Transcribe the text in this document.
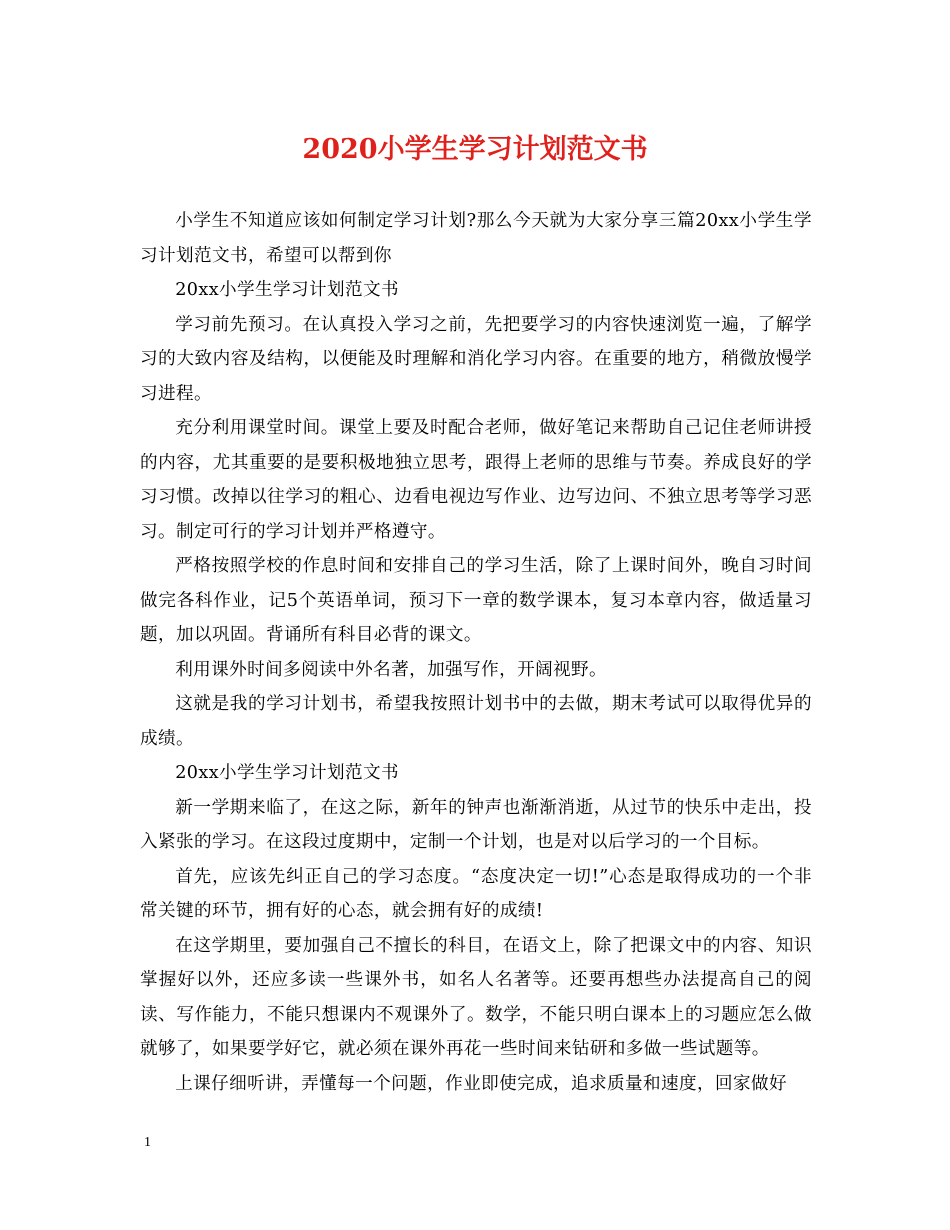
2020小学生学习计划范文书

小学生不知道应该如何制定学习计划?那么今天就为大家分享三篇20xx小学生学习计划范文书，希望可以帮到你

20xx小学生学习计划范文书

学习前先预习。在认真投入学习之前，先把要学习的内容快速浏览一遍，了解学习的大致内容及结构，以便能及时理解和消化学习内容。在重要的地方，稍微放慢学习进程。

充分利用课堂时间。课堂上要及时配合老师，做好笔记来帮助自己记住老师讲授的内容，尤其重要的是要积极地独立思考，跟得上老师的思维与节奏。养成良好的学习习惯。改掉以往学习的粗心、边看电视边写作业、边写边问、不独立思考等学习恶习。制定可行的学习计划并严格遵守。

严格按照学校的作息时间和安排自己的学习生活，除了上课时间外，晚自习时间做完各科作业，记5个英语单词，预习下一章的数学课本，复习本章内容，做适量习题，加以巩固。背诵所有科目必背的课文。

利用课外时间多阅读中外名著，加强写作，开阔视野。

这就是我的学习计划书，希望我按照计划书中的去做，期末考试可以取得优异的成绩。

20xx小学生学习计划范文书

新一学期来临了，在这之际，新年的钟声也渐渐消逝，从过节的快乐中走出，投入紧张的学习。在这段过度期中，定制一个计划，也是对以后学习的一个目标。

首先，应该先纠正自己的学习态度。“态度决定一切!”心态是取得成功的一个非常关键的环节，拥有好的心态，就会拥有好的成绩!

在这学期里，要加强自己不擅长的科目，在语文上，除了把课文中的内容、知识掌握好以外，还应多读一些课外书，如名人名著等。还要再想些办法提高自己的阅读、写作能力，不能只想课内不观课外了。数学，不能只明白课本上的习题应怎么做就够了，如果要学好它，就必须在课外再花一些时间来钻研和多做一些试题等。

上课仔细听讲，弄懂每一个问题，作业即使完成，追求质量和速度，回家做好

1
